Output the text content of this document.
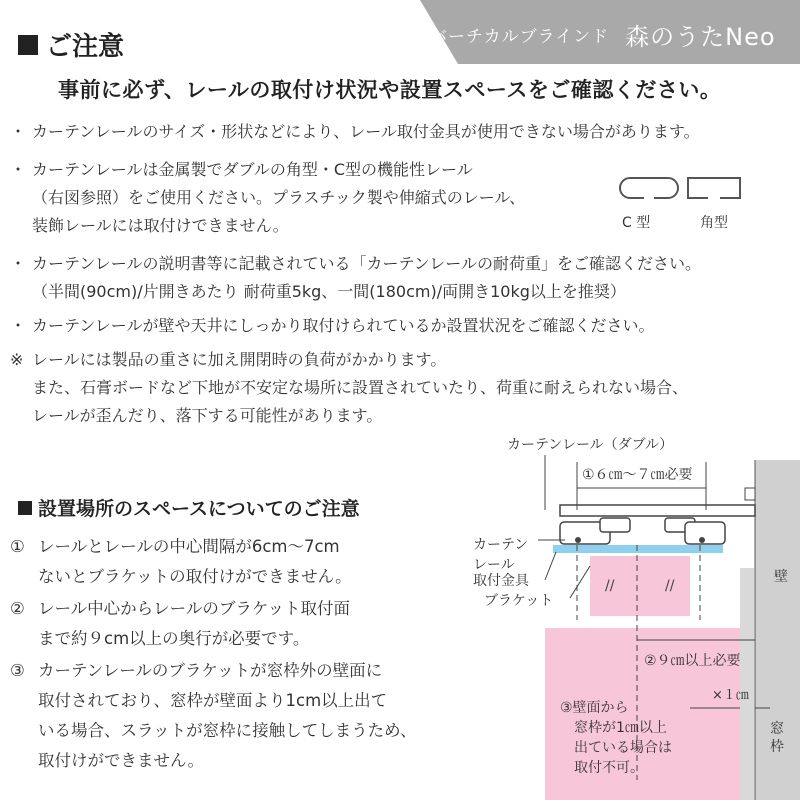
バーチカルブラインド 森のうたNeo
ご注意
事前に必ず、レールの取付け状況や設置スペースをご確認ください。
・ カーテンレールのサイズ・形状などにより、レール取付金具が使用できない場合があります。
・ カーテンレールは金属製でダブルの角型・C型の機能性レール
（右図参照）をご使用ください。プラスチック製や伸縮式のレール、
装飾レールには取付けできません。
・ カーテンレールの説明書等に記載されている「カーテンレールの耐荷重」をご確認ください。
（半間(90cm)/片開きあたり 耐荷重5kg、一間(180cm)/両開き10kg以上を推奨）
・ カーテンレールが壁や天井にしっかり取付けられているか設置状況をご確認ください。
※ レールには製品の重さに加え開閉時の負荷がかかります。
また、石膏ボードなど下地が不安定な場所に設置されていたり、荷重に耐えられない場合、
レールが歪んだり、落下する可能性があります。
C 型	角型
設置場所のスペースについてのご注意
① レールとレールの中心間隔が6cm〜7cm
ないとブラケットの取付けができません。
② レール中心からレールのブラケット取付面
まで約９cm以上の奥行が必要です。
③ カーテンレールのブラケットが窓枠外の壁面に
取付されており、窓枠が壁面より1cm以上出て
いる場合、スラットが窓枠に接触してしまうため、
取付けができません。
//	//
カーテンレール（ダブル）
①６㎝〜７㎝必要
カーテン
レール
取付金具
ブラケット
②９㎝以上必要
×１㎝
壁
窓
枠
③壁面から
窓枠が1㎝以上
出ている場合は
取付不可。
